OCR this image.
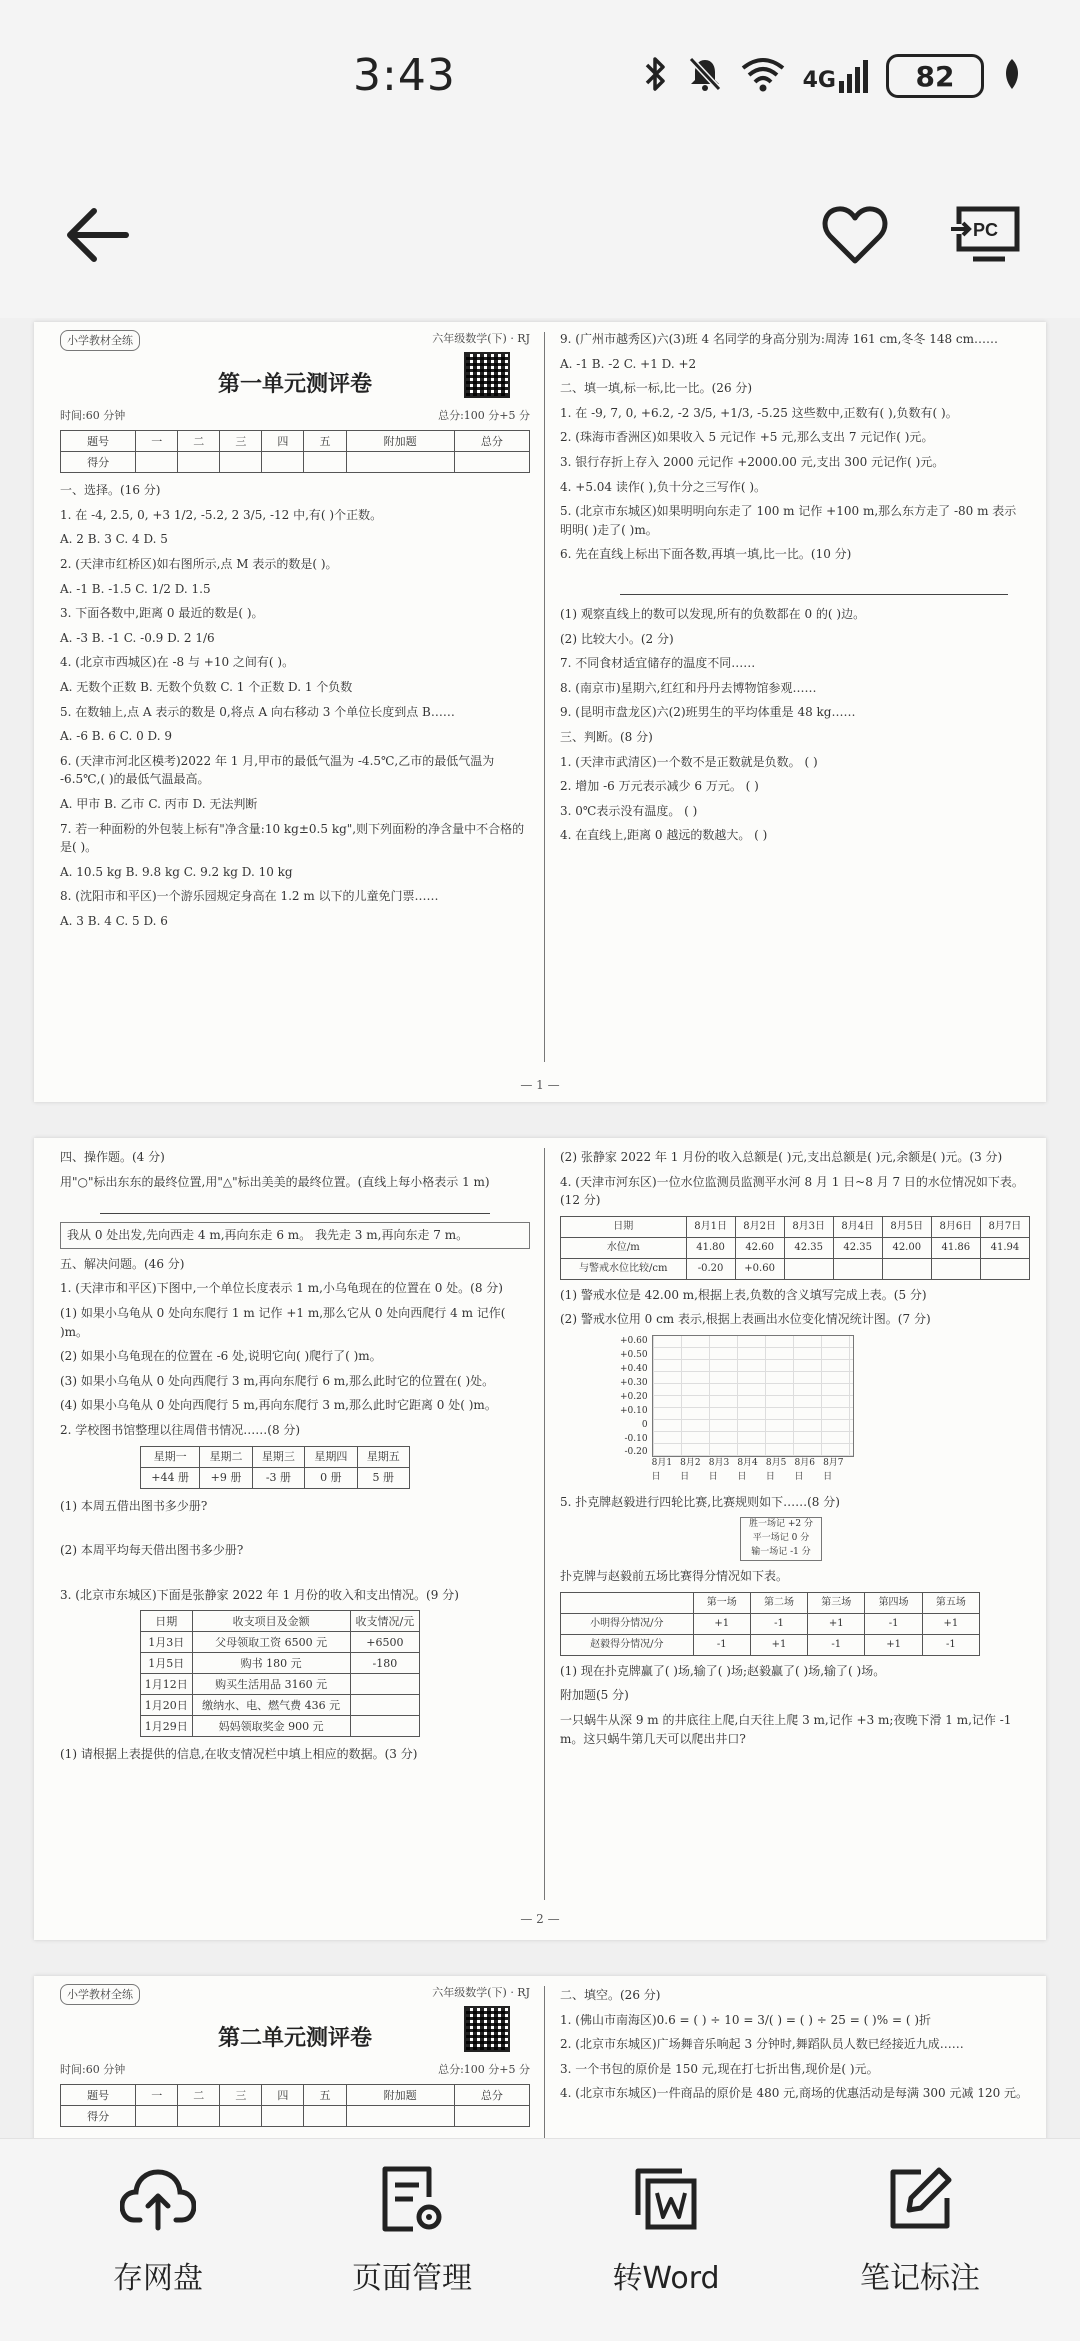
3:43	4G	82
PC
小学教材全练	六年级数学(下) · RJ
第一单元测评卷
时间:60 分钟	总分:100 分+5 分
题号	一	二	三	四	五	附加题	总分
得分							

一、选择。(16 分)

1. 在 -4, 2.5, 0, +3 1/2, -5.2, 2 3/5, -12 中,有( )个正数。

A. 2 B. 3 C. 4 D. 5

2. (天津市红桥区)如右图所示,点 M 表示的数是( )。

A. -1 B. -1.5 C. 1/2 D. 1.5

3. 下面各数中,距离 0 最近的数是( )。

A. -3 B. -1 C. -0.9 D. 2 1/6

4. (北京市西城区)在 -8 与 +10 之间有( )。

A. 无数个正数 B. 无数个负数 C. 1 个正数 D. 1 个负数

5. 在数轴上,点 A 表示的数是 0,将点 A 向右移动 3 个单位长度到点 B……

A. -6 B. 6 C. 0 D. 9

6. (天津市河北区模考)2022 年 1 月,甲市的最低气温为 -4.5℃,乙市的最低气温为 -6.5℃,( )的最低气温最高。

A. 甲市 B. 乙市 C. 丙市 D. 无法判断

7. 若一种面粉的外包装上标有"净含量:10 kg±0.5 kg",则下列面粉的净含量中不合格的是( )。

A. 10.5 kg B. 9.8 kg C. 9.2 kg D. 10 kg

8. (沈阳市和平区)一个游乐园规定身高在 1.2 m 以下的儿童免门票……

A. 3 B. 4 C. 5 D. 6

9. (广州市越秀区)六(3)班 4 名同学的身高分别为:周涛 161 cm,冬冬 148 cm……

A. -1 B. -2 C. +1 D. +2

二、填一填,标一标,比一比。(26 分)

1. 在 -9, 7, 0, +6.2, -2 3/5, +1/3, -5.25 这些数中,正数有( ),负数有( )。

2. (珠海市香洲区)如果收入 5 元记作 +5 元,那么支出 7 元记作( )元。

3. 银行存折上存入 2000 元记作 +2000.00 元,支出 300 元记作( )元。

4. +5.04 读作( ),负十分之三写作( )。

5. (北京市东城区)如果明明向东走了 100 m 记作 +100 m,那么东方走了 -80 m 表示明明( )走了( )m。

6. 先在直线上标出下面各数,再填一填,比一比。(10 分)

(1) 观察直线上的数可以发现,所有的负数都在 0 的( )边。

(2) 比较大小。(2 分)

7. 不同食材适宜储存的温度不同……

8. (南京市)星期六,红红和丹丹去博物馆参观……

9. (昆明市盘龙区)六(2)班男生的平均体重是 48 kg……

三、判断。(8 分)

1. (天津市武清区)一个数不是正数就是负数。 ( )

2. 增加 -6 万元表示减少 6 万元。 ( )

3. 0℃表示没有温度。 ( )

4. 在直线上,距离 0 越远的数越大。 ( )

— 1 —

四、操作题。(4 分)

用"○"标出东东的最终位置,用"△"标出美美的最终位置。(直线上每小格表示 1 m)

我从 0 处出发,先向西走 4 m,再向东走 6 m。 我先走 3 m,再向东走 7 m。

五、解决问题。(46 分)

1. (天津市和平区)下图中,一个单位长度表示 1 m,小乌龟现在的位置在 0 处。(8 分)

(1) 如果小乌龟从 0 处向东爬行 1 m 记作 +1 m,那么它从 0 处向西爬行 4 m 记作( )m。

(2) 如果小乌龟现在的位置在 -6 处,说明它向( )爬行了( )m。

(3) 如果小乌龟从 0 处向西爬行 3 m,再向东爬行 6 m,那么此时它的位置在( )处。

(4) 如果小乌龟从 0 处向西爬行 5 m,再向东爬行 3 m,那么此时它距离 0 处( )m。

2. 学校图书馆整理以往周借书情况……(8 分)

星期一	星期二	星期三	星期四	星期五
+44 册	+9 册	-3 册	0 册	5 册

(1) 本周五借出图书多少册?

(2) 本周平均每天借出图书多少册?

3. (北京市东城区)下面是张静家 2022 年 1 月份的收入和支出情况。(9 分)

日期	收支项目及金额	收支情况/元
1月3日	父母领取工资 6500 元	+6500
1月5日	购书 180 元	-180
1月12日	购买生活用品 3160 元	
1月20日	缴纳水、电、燃气费 436 元	
1月29日	妈妈领取奖金 900 元	

(1) 请根据上表提供的信息,在收支情况栏中填上相应的数据。(3 分)

(2) 张静家 2022 年 1 月份的收入总额是( )元,支出总额是( )元,余额是( )元。(3 分)

4. (天津市河东区)一位水位监测员监测平水河 8 月 1 日~8 月 7 日的水位情况如下表。(12 分)

日期	8月1日	8月2日	8月3日	8月4日	8月5日	8月6日	8月7日
水位/m	41.80	42.60	42.35	42.35	42.00	41.86	41.94
与警戒水位比较/cm	-0.20	+0.60					

(1) 警戒水位是 42.00 m,根据上表,负数的含义填写完成上表。(5 分)

(2) 警戒水位用 0 cm 表示,根据上表画出水位变化情况统计图。(7 分)

+0.60
+0.50
+0.40
+0.30
+0.20
+0.10
0
-0.10
-0.20
8月1日
8月2日
8月3日
8月4日
8月5日
8月6日
8月7日

5. 扑克牌赵毅进行四轮比赛,比赛规则如下……(8 分)

胜一场记 +2 分
平一场记 0 分
输一场记 -1 分

扑克牌与赵毅前五场比赛得分情况如下表。

	第一场	第二场	第三场	第四场	第五场
小明得分情况/分	+1	-1	+1	-1	+1
赵毅得分情况/分	-1	+1	-1	+1	-1

(1) 现在扑克牌赢了( )场,输了( )场;赵毅赢了( )场,输了( )场。

附加题(5 分)

一只蜗牛从深 9 m 的井底往上爬,白天往上爬 3 m,记作 +3 m;夜晚下滑 1 m,记作 -1 m。这只蜗牛第几天可以爬出井口?

— 2 —
小学教材全练	六年级数学(下) · RJ
第二单元测评卷
时间:60 分钟	总分:100 分+5 分
题号	一	二	三	四	五	附加题	总分
得分							

二、填空。(26 分)

1. (佛山市南海区)0.6 = ( ) ÷ 10 = 3/( ) = ( ) ÷ 25 = ( )% = ( )折

2. (北京市东城区)广场舞音乐响起 3 分钟时,舞蹈队员人数已经接近九成……

3. 一个书包的原价是 150 元,现在打七折出售,现价是( )元。

4. (北京市东城区)一件商品的原价是 480 元,商场的优惠活动是每满 300 元减 120 元。

存网盘	页面管理	转Word	笔记标注
